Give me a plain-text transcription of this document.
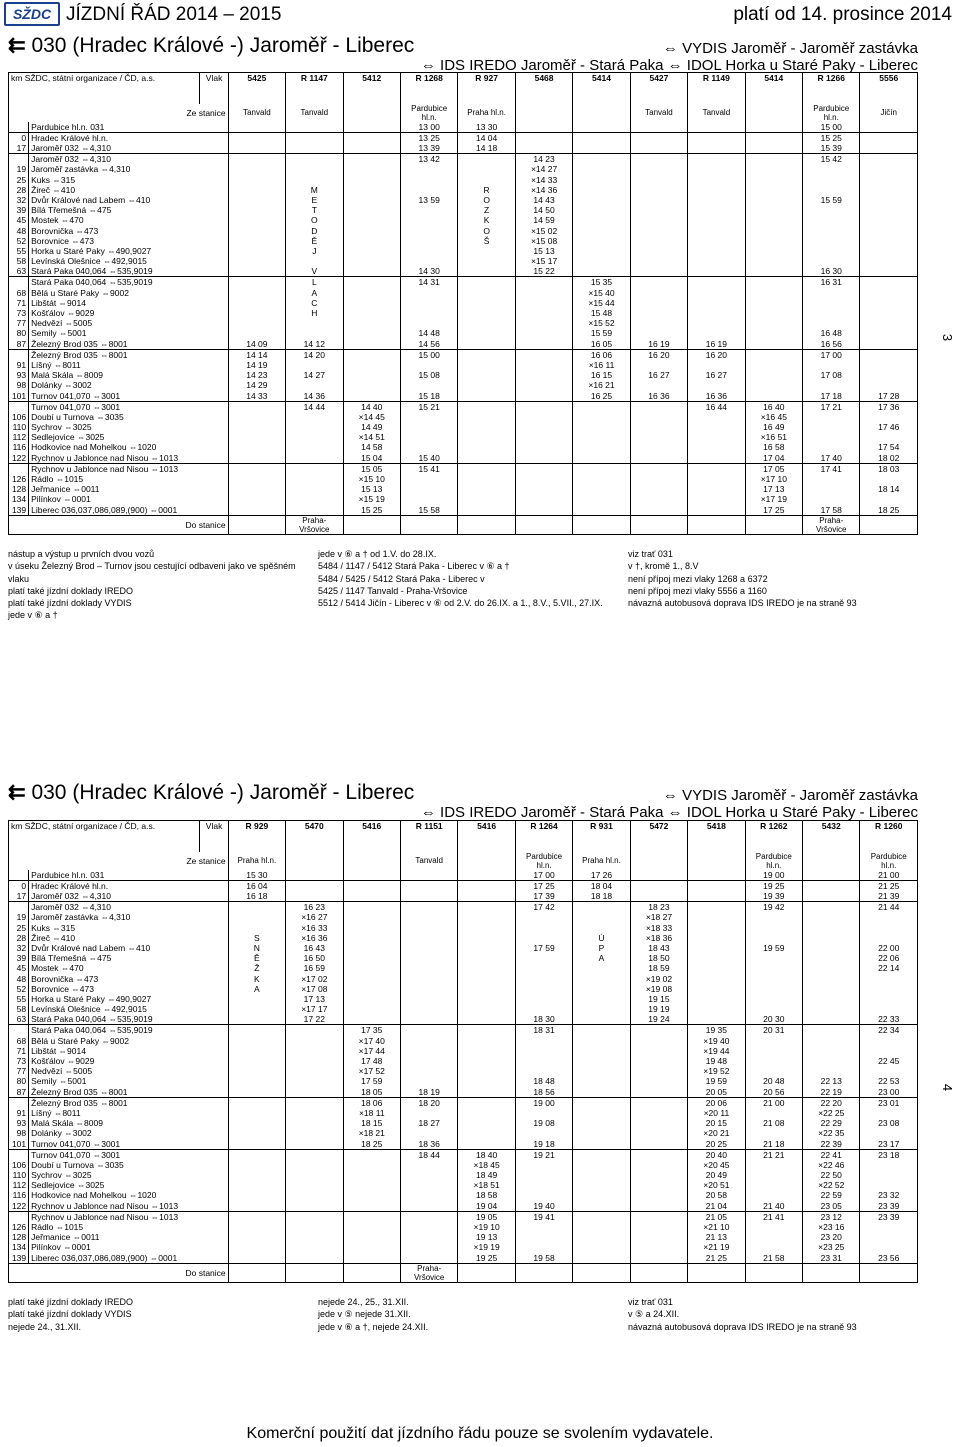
SŽDC JÍZDNÍ ŘÁD 2014 – 2015	platí od 14. prosince 2014
⇇ 030 (Hradec Králové -) Jaroměř - Liberec	⇔ VYDIS Jaroměř - Jaroměř zastávka
⇔ IDS IREDO Jaroměř - Stará Paka ⇔ IDOL Horka u Staré Paky - Liberec
km SŽDC, státní organizace / ČD, a.s.		Vlak	5425	R 1147	5412	R 1268	R 927	5468	5414	5427	R 1149	5414	R 1266	5556

Ze stanice			Tanvald	Tanvald		Pardubice hl.n.	Praha hl.n.			Tanvald	Tanvald		Pardubice hl.n.	Jičín
	Pardubice hl.n. 031					13 00	13 30						15 00	
0	Hradec Králové hl.n.					13 25	14 04						15 25	
17	Jaroměř 032 ⇔4,310					13 39	14 18						15 39	
	Jaroměř 032 ⇔4,310					13 42		14 23					15 42	
19	Jaroměř zastávka ⇔4,310							×14 27						
25	Kuks ⇔315							×14 33						
28	Žireč ⇔410			M			R	×14 36						
32	Dvůr Králové nad Labem ⇔410			E		13 59	O	14 43					15 59	
39	Bílá Třemešná ⇔475			T			Z	14 50						
45	Mostek ⇔470			O			K	14 59						
48	Borovnička ⇔473			D			O	×15 02						
52	Borovnice ⇔473			Ě			Š	×15 08						
55	Horka u Staré Paky ⇔490,9027			J				15 13						
58	Levínská Olešnice ⇔492,9015							×15 17						
63	Stará Paka 040,064 ⇔535,9019			V		14 30		15 22					16 30	
	Stará Paka 040,064 ⇔535,9019			L		14 31			15 35				16 31	
68	Bělá u Staré Paky ⇔9002			A					×15 40					
71	Libštát ⇔9014			C					×15 44					
73	Košťálov ⇔9029			H					15 48					
77	Nedvězí ⇔5005								×15 52					
80	Semily ⇔5001					14 48			15 59				16 48	
87	Železný Brod 035 ⇔8001		14 09	14 12		14 56			16 05	16 19	16 19		16 56	
	Železný Brod 035 ⇔8001		14 14	14 20		15 00			16 06	16 20	16 20		17 00	
91	Líšný ⇔8011		14 19						×16 11					
93	Malá Skála ⇔8009		14 23	14 27		15 08			16 15	16 27	16 27		17 08	
98	Dolánky ⇔3002		14 29						×16 21					
101	Turnov 041,070 ⇔3001		14 33	14 36		15 18			16 25	16 36	16 36		17 18	17 28
	Turnov 041,070 ⇔3001			14 44	14 40	15 21					16 44	16 40	17 21	17 36
106	Doubí u Turnova ⇔3035				×14 45							×16 45		
110	Sychrov ⇔3025				14 49							16 49		17 46
112	Sedlejovice ⇔3025				×14 51							×16 51		
116	Hodkovice nad Mohelkou ⇔1020				14 58							16 58		17 54
122	Rychnov u Jablonce nad Nisou ⇔1013				15 04	15 40						17 04	17 40	18 02
	Rychnov u Jablonce nad Nisou ⇔1013				15 05	15 41						17 05	17 41	18 03
126	Rádlo ⇔1015				×15 10							×17 10		
128	Jeřmanice ⇔0011				15 13							17 13		18 14
134	Pilínkov ⇔0001				×15 19							×17 19		
139	Liberec 036,037,086,089,(900) ⇔0001				15 25	15 58						17 25	17 58	18 25
Do stanice				Praha-Vršovice									Praha-Vršovice	
nástup a výstup u prvních dvou vozů
v úseku Železný Brod – Turnov jsou cestující odbaveni jako ve spěšném vlaku
platí také jízdní doklady IREDO
platí také jízdní doklady VYDIS
jede v ⑥ a †
jede v ⑥ a † od 1.V. do 28.IX.
5484 / 1147 / 5412 Stará Paka - Liberec v ⑥ a †
5484 / 5425 / 5412 Stará Paka - Liberec v
5425 / 1147 Tanvald - Praha-Vršovice
5512 / 5414 Jičín - Liberec v ⑥ od 2.V. do 26.IX. a 1., 8.V., 5.VII., 27.IX.
viz trať 031
v †, kromě 1., 8.V
není přípoj mezi vlaky 1268 a 6372
není přípoj mezi vlaky 5556 a 1160
návazná autobusová doprava IDS IREDO je na straně 93
3
⇇ 030 (Hradec Králové -) Jaroměř - Liberec	⇔ VYDIS Jaroměř - Jaroměř zastávka
⇔ IDS IREDO Jaroměř - Stará Paka ⇔ IDOL Horka u Staré Paky - Liberec
km SŽDC, státní organizace / ČD, a.s.		Vlak	R 929	5470	5416	R 1151	5416	R 1264	R 931	5472	5418	R 1262	5432	R 1260

Ze stanice			Praha hl.n.			Tanvald		Pardubice hl.n.	Praha hl.n.			Pardubice hl.n.		Pardubice hl.n.
	Pardubice hl.n. 031		15 30					17 00	17 26			19 00		21 00
0	Hradec Králové hl.n.		16 04					17 25	18 04			19 25		21 25
17	Jaroměř 032 ⇔4,310		16 18					17 39	18 18			19 39		21 39
	Jaroměř 032 ⇔4,310			16 23				17 42		18 23		19 42		21 44
19	Jaroměř zastávka ⇔4,310			×16 27						×18 27				
25	Kuks ⇔315			×16 33						×18 33				
28	Žireč ⇔410		S	×16 36					Ú	×18 36				
32	Dvůr Králové nad Labem ⇔410		N	16 43				17 59	P	18 43		19 59		22 00
39	Bílá Třemešná ⇔475		Ě	16 50					A	18 50				22 06
45	Mostek ⇔470		Ž	16 59						18 59				22 14
48	Borovnička ⇔473		K	×17 02						×19 02				
52	Borovnice ⇔473		A	×17 08						×19 08				
55	Horka u Staré Paky ⇔490,9027			17 13						19 15				
58	Levínská Olešnice ⇔492,9015			×17 17						19 19				
63	Stará Paka 040,064 ⇔535,9019			17 22				18 30		19 24		20 30		22 33
	Stará Paka 040,064 ⇔535,9019				17 35			18 31			19 35	20 31		22 34
68	Bělá u Staré Paky ⇔9002				×17 40						×19 40			
71	Libštát ⇔9014				×17 44						×19 44			
73	Košťálov ⇔9029				17 48						19 48			22 45
77	Nedvězí ⇔5005				×17 52						×19 52			
80	Semily ⇔5001				17 59			18 48			19 59	20 48	22 13	22 53
87	Železný Brod 035 ⇔8001				18 05	18 19		18 56			20 05	20 56	22 19	23 00
	Železný Brod 035 ⇔8001				18 06	18 20		19 00			20 06	21 00	22 20	23 01
91	Líšný ⇔8011				×18 11						×20 11		×22 25	
93	Malá Skála ⇔8009				18 15	18 27		19 08			20 15	21 08	22 29	23 08
98	Dolánky ⇔3002				×18 21						×20 21		×22 35	
101	Turnov 041,070 ⇔3001				18 25	18 36		19 18			20 25	21 18	22 39	23 17
	Turnov 041,070 ⇔3001					18 44	18 40	19 21			20 40	21 21	22 41	23 18
106	Doubí u Turnova ⇔3035						×18 45				×20 45		×22 46	
110	Sychrov ⇔3025						18 49				20 49		22 50	
112	Sedlejovice ⇔3025						×18 51				×20 51		×22 52	
116	Hodkovice nad Mohelkou ⇔1020						18 58				20 58		22 59	23 32
122	Rychnov u Jablonce nad Nisou ⇔1013						19 04	19 40			21 04	21 40	23 05	23 39
	Rychnov u Jablonce nad Nisou ⇔1013						19 05	19 41			21 05	21 41	23 12	23 39
126	Rádlo ⇔1015						×19 10				×21 10		×23 16	
128	Jeřmanice ⇔0011						19 13				21 13		23 20	
134	Pilínkov ⇔0001						×19 19				×21 19		×23 25	
139	Liberec 036,037,086,089,(900) ⇔0001						19 25	19 58			21 25	21 58	23 31	23 56
Do stanice						Praha-Vršovice								
platí také jízdní doklady IREDO
platí také jízdní doklady VYDIS
nejede 24., 31.XII.
nejede 24., 25., 31.XII.
jede v ⑤ nejede 31.XII.
jede v ⑥ a †, nejede 24.XII.
viz trať 031
v ⑤ a 24.XII.
návazná autobusová doprava IDS IREDO je na straně 93
4
Komerční použití dat jízdního řádu pouze se svolením vydavatele.
